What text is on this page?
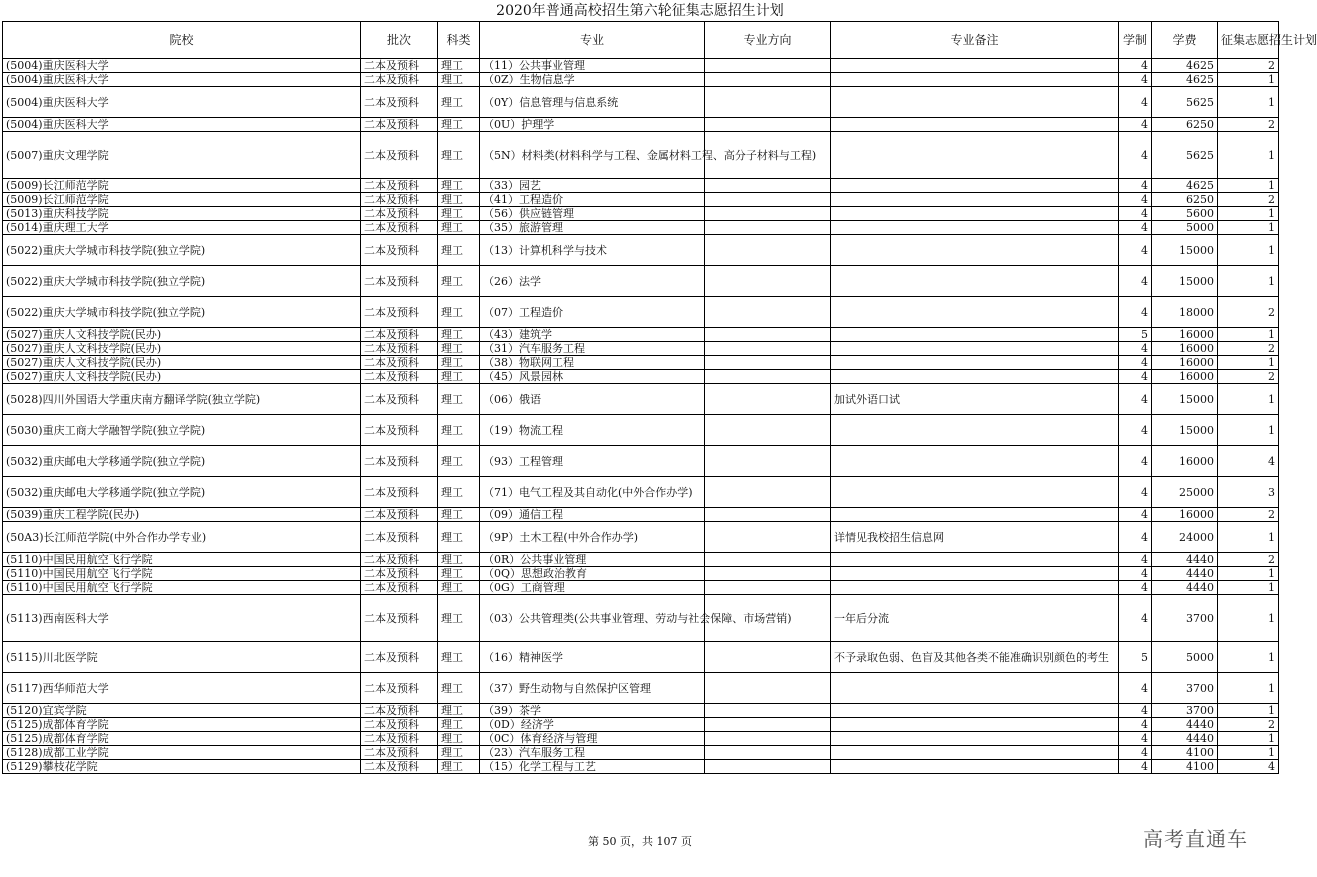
2020年普通高校招生第六轮征集志愿招生计划
院校	批次	科类	专业	专业方向	专业备注	学制	学费	征集志愿招生计划
(5004)重庆医科大学	二本及预科	理工	（11）公共事业管理			4	4625	2
(5004)重庆医科大学	二本及预科	理工	（0Z）生物信息学			4	4625	1
(5004)重庆医科大学	二本及预科	理工	（0Y）信息管理与信息系统			4	5625	1
(5004)重庆医科大学	二本及预科	理工	（0U）护理学			4	6250	2
(5007)重庆文理学院	二本及预科	理工	（5N）材料类(材料科学与工程、金属材料工程、高分子材料与工程)			4	5625	1
(5009)长江师范学院	二本及预科	理工	（33）园艺			4	4625	1
(5009)长江师范学院	二本及预科	理工	（41）工程造价			4	6250	2
(5013)重庆科技学院	二本及预科	理工	（56）供应链管理			4	5600	1
(5014)重庆理工大学	二本及预科	理工	（35）旅游管理			4	5000	1
(5022)重庆大学城市科技学院(独立学院)	二本及预科	理工	（13）计算机科学与技术			4	15000	1
(5022)重庆大学城市科技学院(独立学院)	二本及预科	理工	（26）法学			4	15000	1
(5022)重庆大学城市科技学院(独立学院)	二本及预科	理工	（07）工程造价			4	18000	2
(5027)重庆人文科技学院(民办)	二本及预科	理工	（43）建筑学			5	16000	1
(5027)重庆人文科技学院(民办)	二本及预科	理工	（31）汽车服务工程			4	16000	2
(5027)重庆人文科技学院(民办)	二本及预科	理工	（38）物联网工程			4	16000	1
(5027)重庆人文科技学院(民办)	二本及预科	理工	（45）风景园林			4	16000	2
(5028)四川外国语大学重庆南方翻译学院(独立学院)	二本及预科	理工	（06）俄语		加试外语口试	4	15000	1
(5030)重庆工商大学融智学院(独立学院)	二本及预科	理工	（19）物流工程			4	15000	1
(5032)重庆邮电大学移通学院(独立学院)	二本及预科	理工	（93）工程管理			4	16000	4
(5032)重庆邮电大学移通学院(独立学院)	二本及预科	理工	（71）电气工程及其自动化(中外合作办学)			4	25000	3
(5039)重庆工程学院(民办)	二本及预科	理工	（09）通信工程			4	16000	2
(50A3)长江师范学院(中外合作办学专业)	二本及预科	理工	（9P）土木工程(中外合作办学)		详情见我校招生信息网	4	24000	1
(5110)中国民用航空飞行学院	二本及预科	理工	（0R）公共事业管理			4	4440	2
(5110)中国民用航空飞行学院	二本及预科	理工	（0Q）思想政治教育			4	4440	1
(5110)中国民用航空飞行学院	二本及预科	理工	（0G）工商管理			4	4440	1
(5113)西南医科大学	二本及预科	理工	（03）公共管理类(公共事业管理、劳动与社会保障、市场营销)		一年后分流	4	3700	1
(5115)川北医学院	二本及预科	理工	（16）精神医学		不予录取色弱、色盲及其他各类不能准确识别颜色的考生	5	5000	1
(5117)西华师范大学	二本及预科	理工	（37）野生动物与自然保护区管理			4	3700	1
(5120)宜宾学院	二本及预科	理工	（39）茶学			4	3700	1
(5125)成都体育学院	二本及预科	理工	（0D）经济学			4	4440	2
(5125)成都体育学院	二本及预科	理工	（0C）体育经济与管理			4	4440	1
(5128)成都工业学院	二本及预科	理工	（23）汽车服务工程			4	4100	1
(5129)攀枝花学院	二本及预科	理工	（15）化学工程与工艺			4	4100	4
第 50 页，共 107 页	高考直通车
